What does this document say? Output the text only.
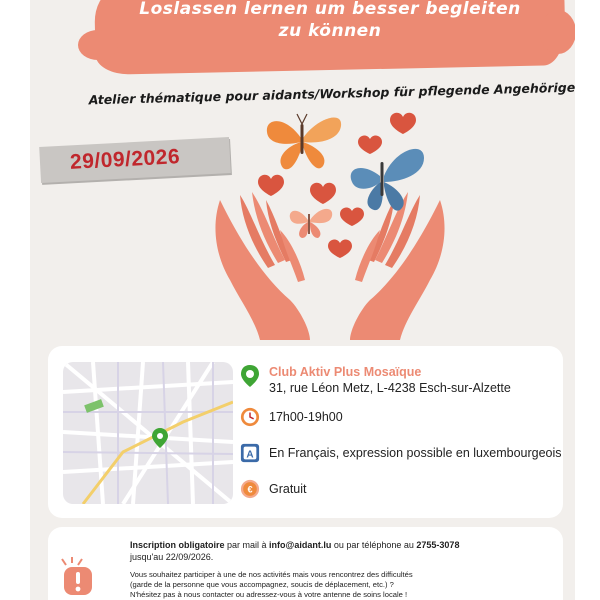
Loslassen lernen um besser begleiten
zu können
Atelier thématique pour aidants/Workshop für pflegende Angehörige
29/09/2026
Club Aktiv Plus Mosaïque
31, rue Léon Metz, L-4238 Esch-sur-Alzette
17h00-19h00
A En Français, expression possible en luxembourgeois
€ Gratuit
Inscription obligatoire par mail à info@aidant.lu ou par téléphone au 2755-3078
jusqu'au 22/09/2026.
Vous souhaitez participer à une de nos activités mais vous rencontrez des difficultés
(garde de la personne que vous accompagnez, soucis de déplacement, etc.) ?
N'hésitez pas à nous contacter ou adressez-vous à votre antenne de soins locale !
